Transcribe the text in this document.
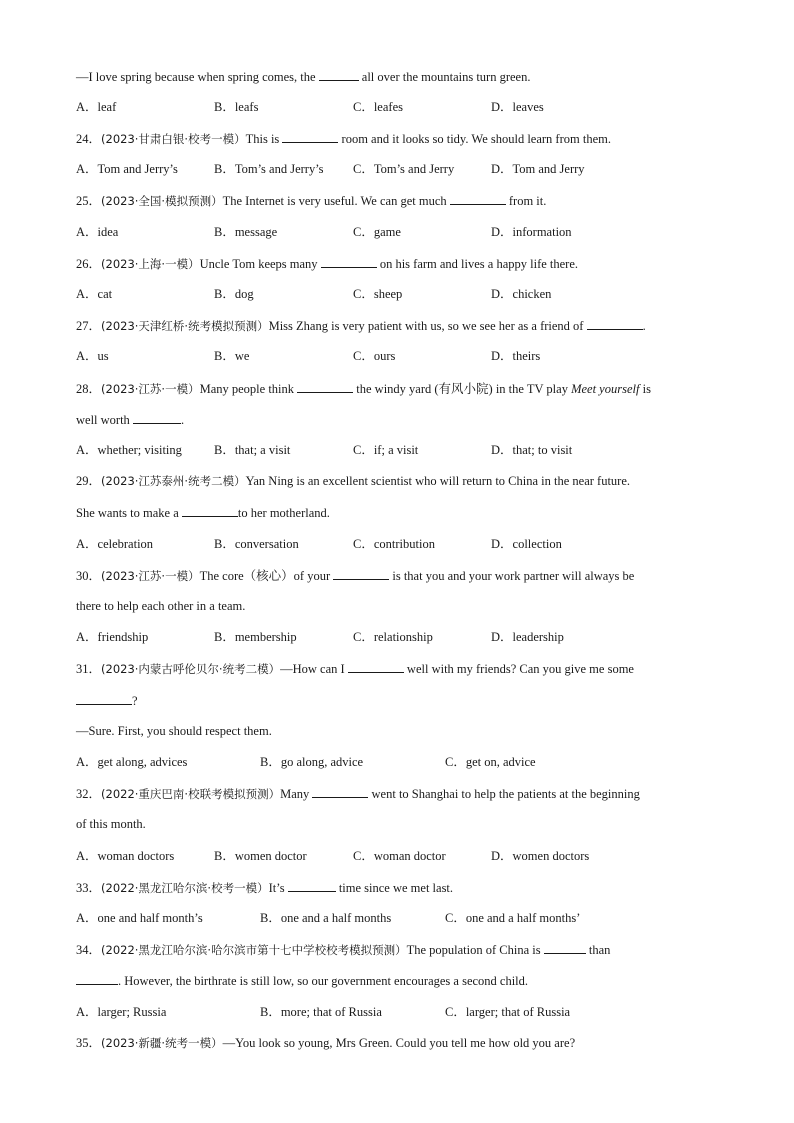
—I love spring because when spring comes, the	all over the mountains turn green.
A．leaf	B．leafs	C．leafes	D．leaves
24．(2023·甘肃白银·校考一模）This is	room and it looks so tidy. We should learn from them.
A．Tom and Jerry’s	B．Tom’s and Jerry’s C．Tom’s and Jerry	D．Tom and Jerry
25．(2023·全国·模拟预测）The Internet is very useful. We can get much	from it.
A．idea	B．message	C．game	D．information
26．(2023·上海·一模）Uncle Tom keeps many	on his farm and lives a happy life there.
A．cat	B．dog	C．sheep	D．chicken
27．(2023·天津红桥·统考模拟预测）Miss Zhang is very patient with us, so we see her as a friend of	.
A．us	B．we	C．ours	D．theirs
28．(2023·江苏·一模）Many people think	the windy yard (有风小院) in the TV play Meet yourself is
well worth	.
A．whether; visiting	B．that; a visit	C．if; a visit	D．that; to visit
29．(2023·江苏泰州·统考二模）Yan Ning is an excellent scientist who will return to China in the near future.
She wants to make a	to her motherland.
A．celebration	B．conversation	C．contribution	D．collection
30．(2023·江苏·一模）The core（核心）of your	is that you and your work partner will always be
there to help each other in a team.
A．friendship	B．membership	C．relationship	D．leadership
31．(2023·内蒙古呼伦贝尔·统考二模）—How can I	well with my friends? Can you give me some
?
—Sure. First, you should respect them.
A．get along, advices	B．go along, advice	C．get on, advice
32．(2022·重庆巴南·校联考模拟预测）Many	went to Shanghai to help the patients at the beginning
of this month.
A．woman doctors	B．women doctor	C．woman doctor	D．women doctors
33．(2022·黑龙江哈尔滨·校考一模）It’s	time since we met last.
A．one and half month’s	B．one and a half months	C．one and a half months’
34．(2022·黑龙江哈尔滨·哈尔滨市第十七中学校校考模拟预测）The population of China is	than
. However, the birthrate is still low, so our government encourages a second child.
A．larger; Russia	B．more; that of Russia	C．larger; that of Russia
35．(2023·新疆·统考一模）—You look so young, Mrs Green. Could you tell me how old you are?
